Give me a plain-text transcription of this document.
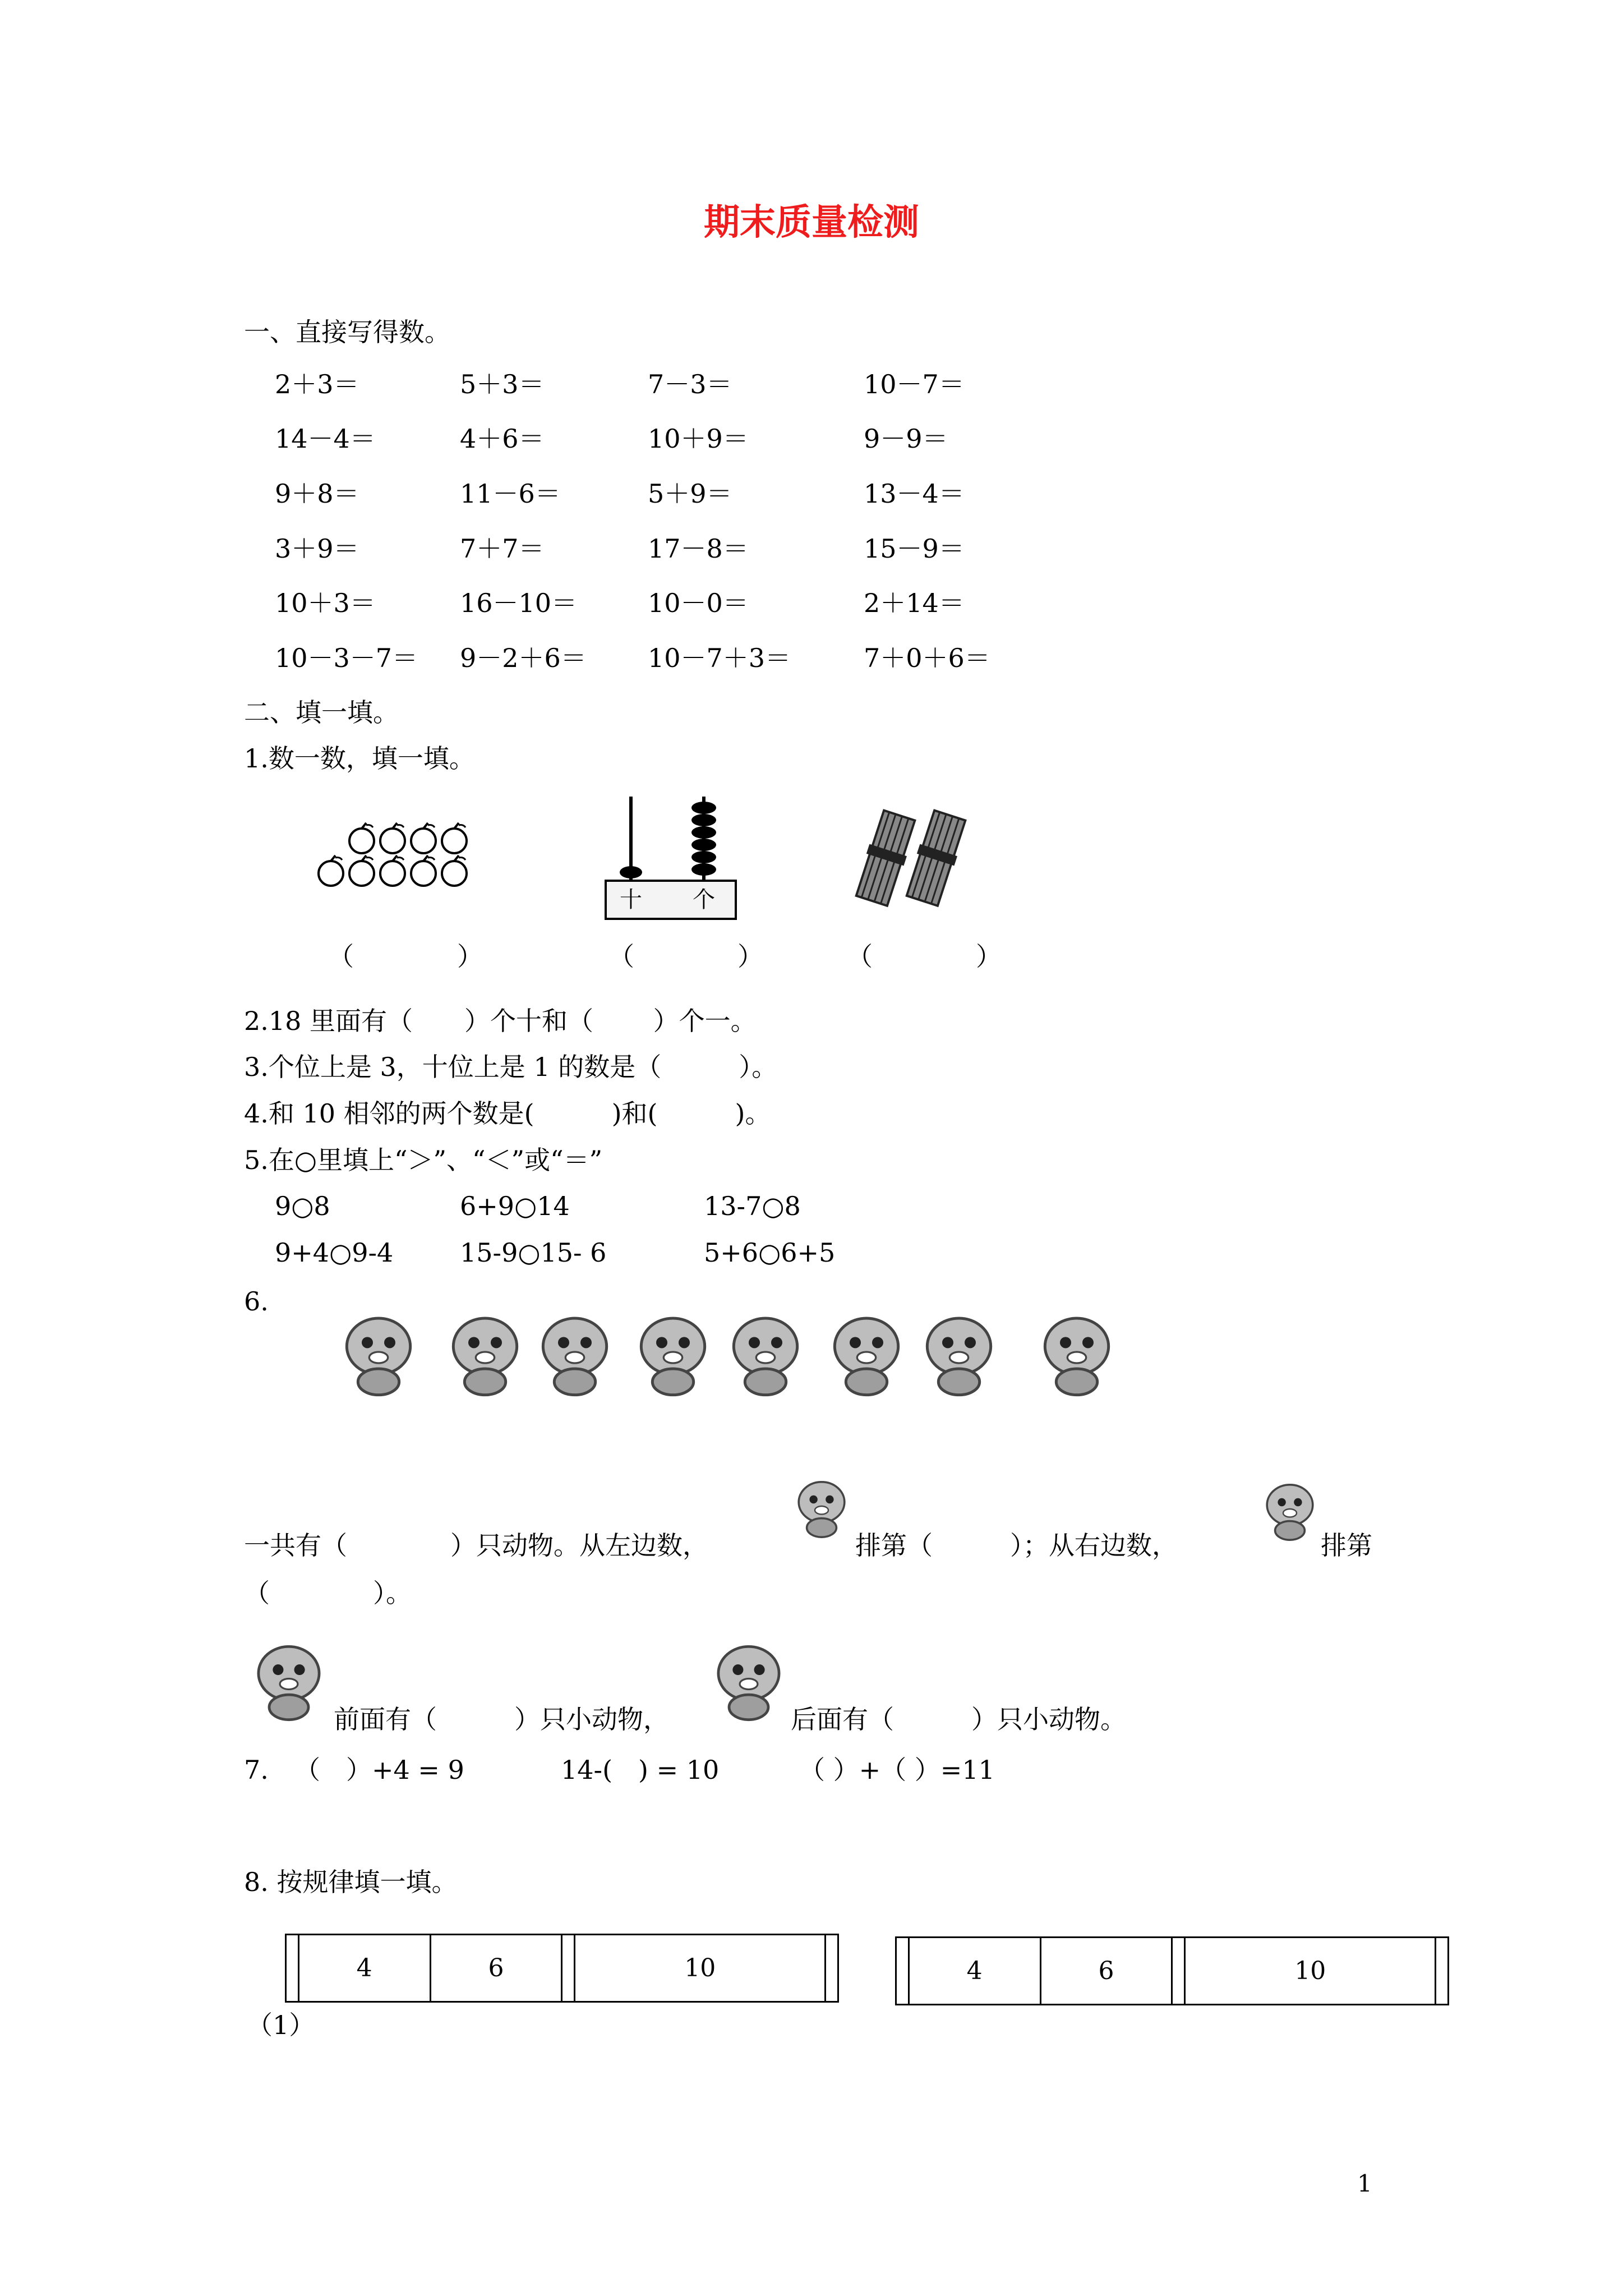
期末质量检测
一、直接写得数。
2＋3＝	5＋3＝	7－3＝	10－7＝
14－4＝	4＋6＝	10＋9＝	9－9＝
9＋8＝	11－6＝	5＋9＝	13－4＝
3＋9＝	7＋7＝	17－8＝	15－9＝
10＋3＝	16－10＝	10－0＝	2＋14＝
10－3－7＝ 9－2＋6＝ 10－7＋3＝	7＋0＋6＝
二、填一填。
1.数一数，填一填。
十 个
（　　　　）	（　　　　）	（　　　　）
2.18 里面有（　　）个十和（　　 ）个一。
3.个位上是 3，十位上是 1 的数是（　　　）。
4.和 10 相邻的两个数是(　　　)和(　　　)。
5.在○里填上“＞”、“＜”或“＝”
9○8	6+9○14	13-7○8
9+4○9-4	15-9○15- 6	5+6○6+5
6.
一共有（　　　　）只动物。从左边数，	排第（　　　）；从右边数，	排第
（　　　　）。
前面有（　　　）只小动物，	后面有（　　　）只小动物。
7. （　）+4 = 9	14-(　) = 10	（ ）+（ ）=11
8. 按规律填一填。
	4	6		10	
		4	6		10	
（1）
1
